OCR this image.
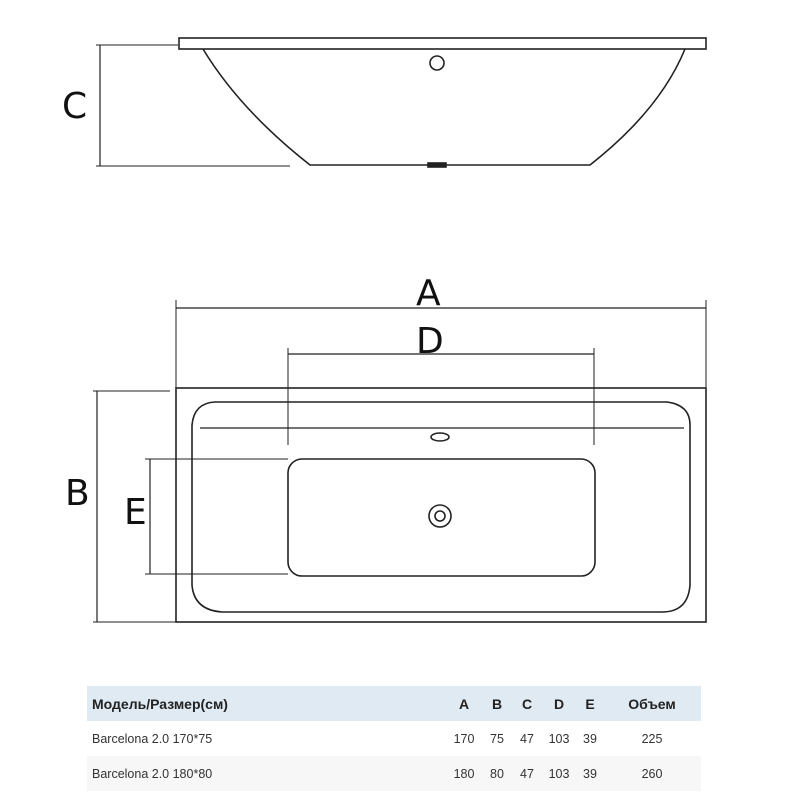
C
A
D
B E
Модель/Размер(см)	A	B	C	D	E	Объем
Barcelona 2.0 170*75	170	75	47	103	39	225
Barcelona 2.0 180*80	180	80	47	103	39	260
